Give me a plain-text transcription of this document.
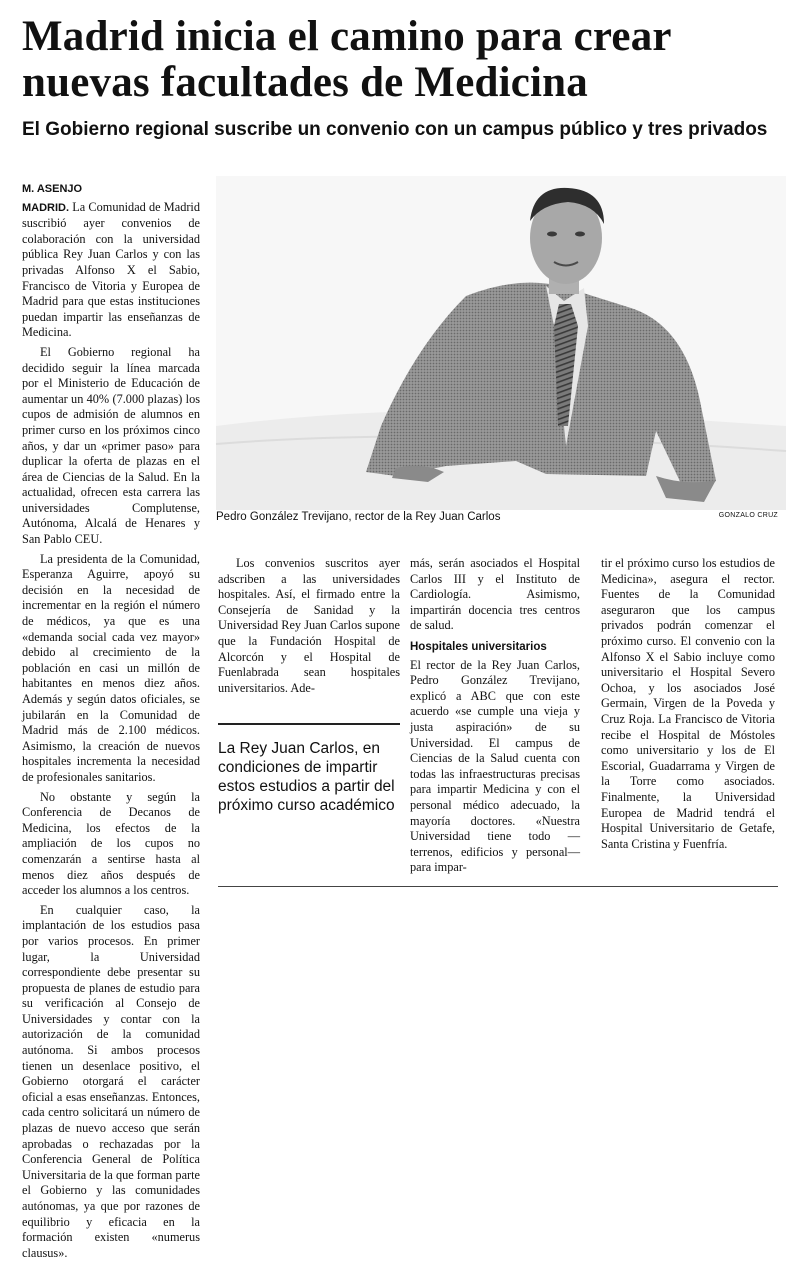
Madrid inicia el camino para crear
nuevas facultades de Medicina
El Gobierno regional suscribe un convenio con un campus público y tres privados
M. ASENJO

MADRID. La Comunidad de Madrid suscribió ayer convenios de colaboración con la universidad pública Rey Juan Carlos y con las privadas Alfonso X el Sabio, Francisco de Vitoria y Europea de Madrid para que estas instituciones puedan impartir las enseñanzas de Medicina.

El Gobierno regional ha decidido seguir la línea marcada por el Ministerio de Educación de aumentar un 40% (7.000 plazas) los cupos de admisión de alumnos en primer curso en los próximos cinco años, y dar un «primer paso» para duplicar la oferta de plazas en el área de Ciencias de la Salud. En la actualidad, ofrecen esta carrera las universidades Complutense, Autónoma, Alcalá de Henares y San Pablo CEU.

La presidenta de la Comunidad, Esperanza Aguirre, apoyó su decisión en la necesidad de incrementar en la región el número de médicos, ya que es una «demanda social cada vez mayor» debido al crecimiento de la población en casi un millón de habitantes en menos diez años. Además y según datos oficiales, se jubilarán en la Comunidad de Madrid más de 2.100 médicos. Asimismo, la creación de nuevos hospitales incrementa la necesidad de profesionales sanitarios.

No obstante y según la Conferencia de Decanos de Medicina, los efectos de la ampliación de los cupos no comenzarán a sentirse hasta al menos diez años después de acceder los alumnos a los centros.

En cualquier caso, la implantación de los estudios pasa por varios procesos. En primer lugar, la Universidad correspondiente debe presentar su propuesta de planes de estudio para su verificación al Consejo de Universidades y contar con la autorización de la comunidad autónoma. Si ambos procesos tienen un desenlace positivo, el Gobierno otorgará el carácter oficial a esas enseñanzas. Entonces, cada centro solicitará un número de plazas de nuevo acceso que serán aprobadas o rechazadas por la Conferencia General de Política Universitaria de la que forman parte el Gobierno y las comunidades autónomas, ya que por razones de equilibrio y eficacia en la formación existen «numerus clausus».

Pedro González Trevijano, rector de la Rey Juan Carlos	GONZALO CRUZ

Los convenios suscritos ayer adscriben a las universidades hospitales. Así, el firmado entre la Consejería de Sanidad y la Universidad Rey Juan Carlos supone que la Fundación Hospital de Alcorcón y el Hospital de Fuenlabrada sean hospitales universitarios. Ade-

La Rey Juan Carlos, en condiciones de impartir estos estudios a partir del próximo curso académico

más, serán asociados el Hospital Carlos III y el Instituto de Cardiología. Asimismo, impartirán docencia tres centros de salud.

Hospitales universitarios

El rector de la Rey Juan Carlos, Pedro González Trevijano, explicó a ABC que con este acuerdo «se cumple una vieja y justa aspiración» de su Universidad. El campus de Ciencias de la Salud cuenta con todas las infraestructuras precisas para impartir Medicina y con el personal médico adecuado, la mayoría doctores. «Nuestra Universidad tiene todo —terrenos, edificios y personal— para impar-

tir el próximo curso los estudios de Medicina», asegura el rector. Fuentes de la Comunidad aseguraron que los campus privados podrán comenzar el próximo curso. El convenio con la Alfonso X el Sabio incluye como universitario el Hospital Severo Ochoa, y los asociados José Germain, Virgen de la Poveda y Cruz Roja. La Francisco de Vitoria recibe el Hospital de Móstoles como universitario y los de El Escorial, Guadarrama y Virgen de la Torre como asociados. Finalmente, la Universidad Europea de Madrid tendrá el Hospital Universitario de Getafe, Santa Cristina y Fuenfría.
